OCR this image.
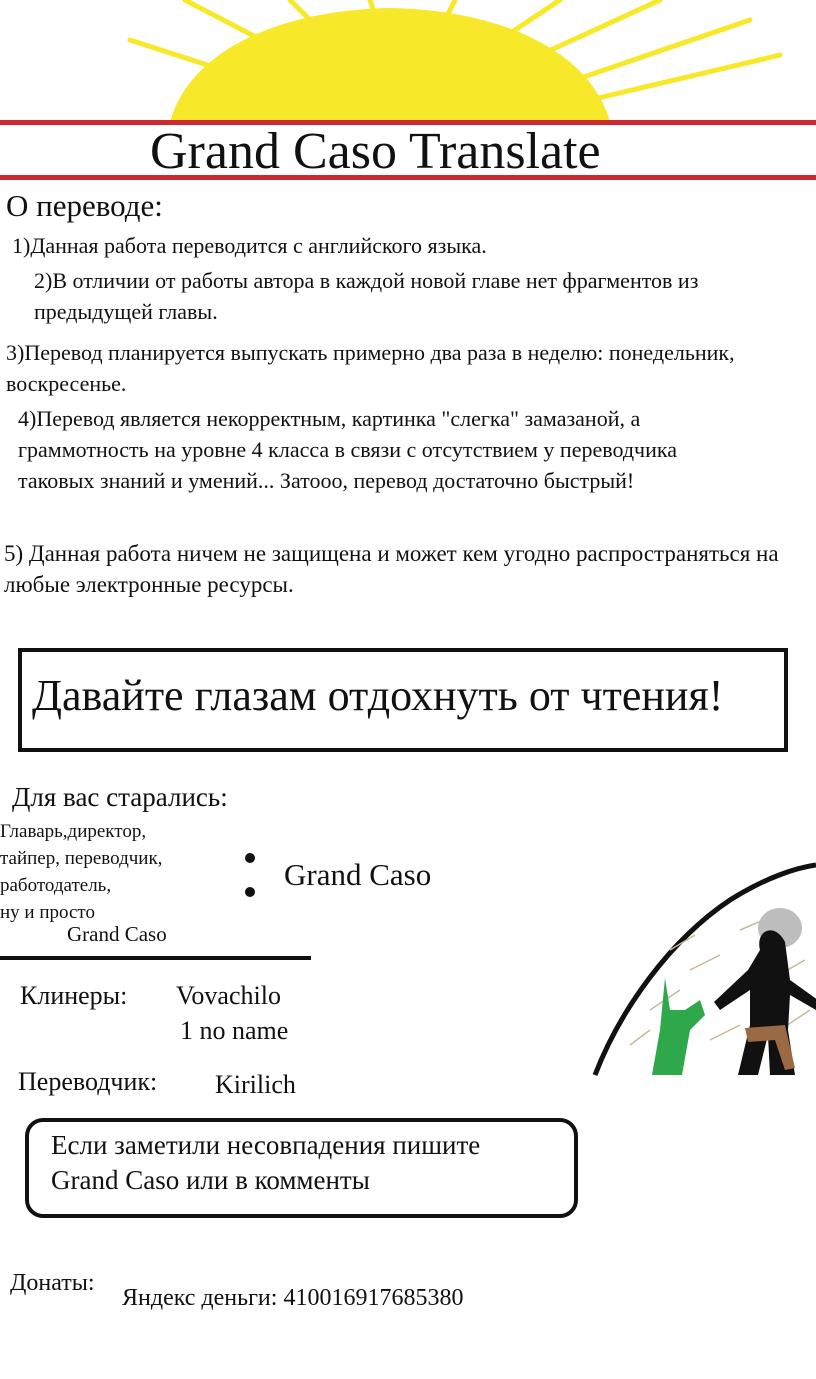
Grand Caso Translate
О переводе:
1)Данная работа переводится с английского языка.
2)В отличии от работы автора в каждой новой главе нет фрагментов из предыдущей главы.
3)Перевод планируется выпускать примерно два раза в неделю: понедельник, воскресенье.
4)Перевод является некорректным, картинка "слегка" замазаной, а граммотность на уровне 4 класса в связи с отсутствием у переводчика таковых знаний и умений... Затооо, перевод достаточно быстрый!
5) Данная работа ничем не защищена и может кем угодно распространяться на любые электронные ресурсы.
Давайте глазам отдохнуть от чтения!
Для вас старались:
Главарь,директор,
тайпер, переводчик,
работодатель,
ну и просто
Grand Caso
Grand Caso
Клинеры: Vovachilo
1 no name
Переводчик: Kirilich
Если заметили несовпадения пишите
Grand Caso или в комменты
Донаты:
Яндекс деньги: 410016917685380
